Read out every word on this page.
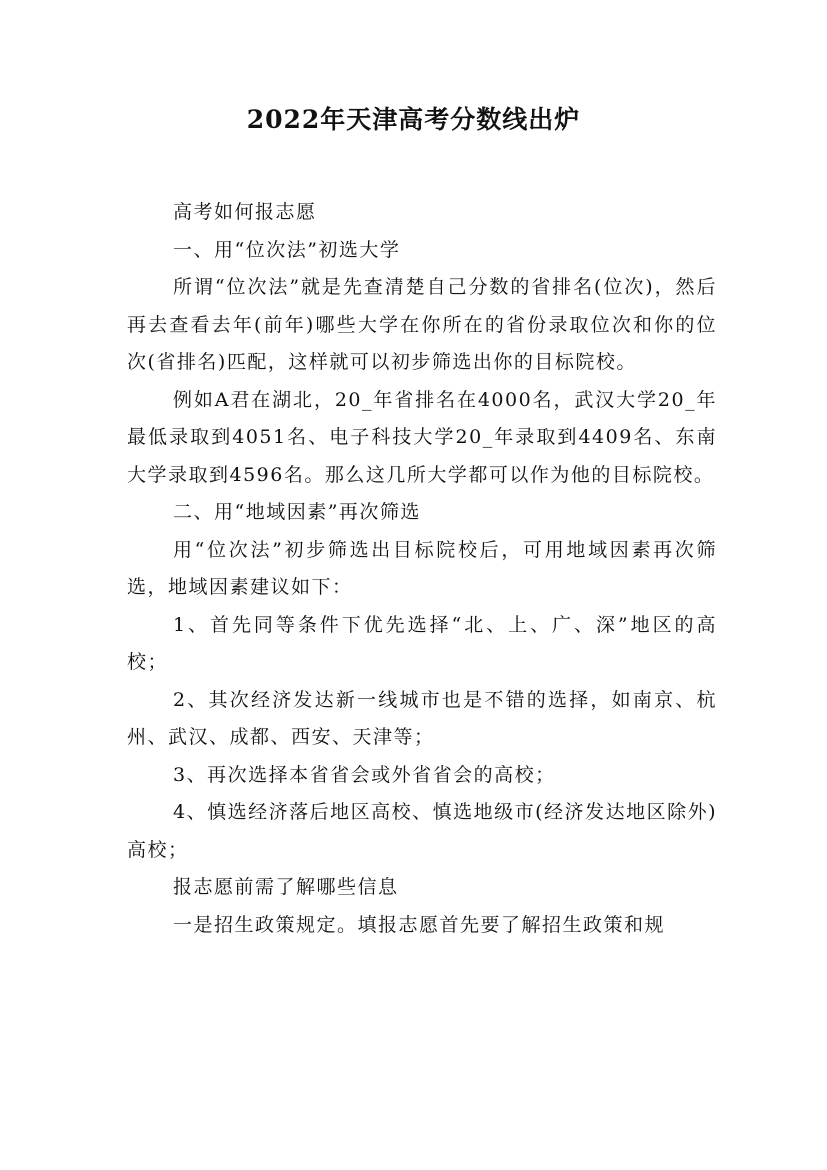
2022年天津高考分数线出炉

高考如何报志愿

一、用“位次法”初选大学

所谓“位次法”就是先查清楚自己分数的省排名(位次)，然后再去查看去年(前年)哪些大学在你所在的省份录取位次和你的位次(省排名)匹配，这样就可以初步筛选出你的目标院校。

例如A君在湖北，20_年省排名在4000名，武汉大学20_年最低录取到4051名、电子科技大学20_年录取到4409名、东南大学录取到4596名。那么这几所大学都可以作为他的目标院校。

二、用“地域因素”再次筛选

用“位次法”初步筛选出目标院校后，可用地域因素再次筛选，地域因素建议如下：

1、首先同等条件下优先选择“北、上、广、深”地区的高校；

2、其次经济发达新一线城市也是不错的选择，如南京、杭州、武汉、成都、西安、天津等；

3、再次选择本省省会或外省省会的高校；

4、慎选经济落后地区高校、慎选地级市(经济发达地区除外)高校；

报志愿前需了解哪些信息

一是招生政策规定。填报志愿首先要了解招生政策和规
